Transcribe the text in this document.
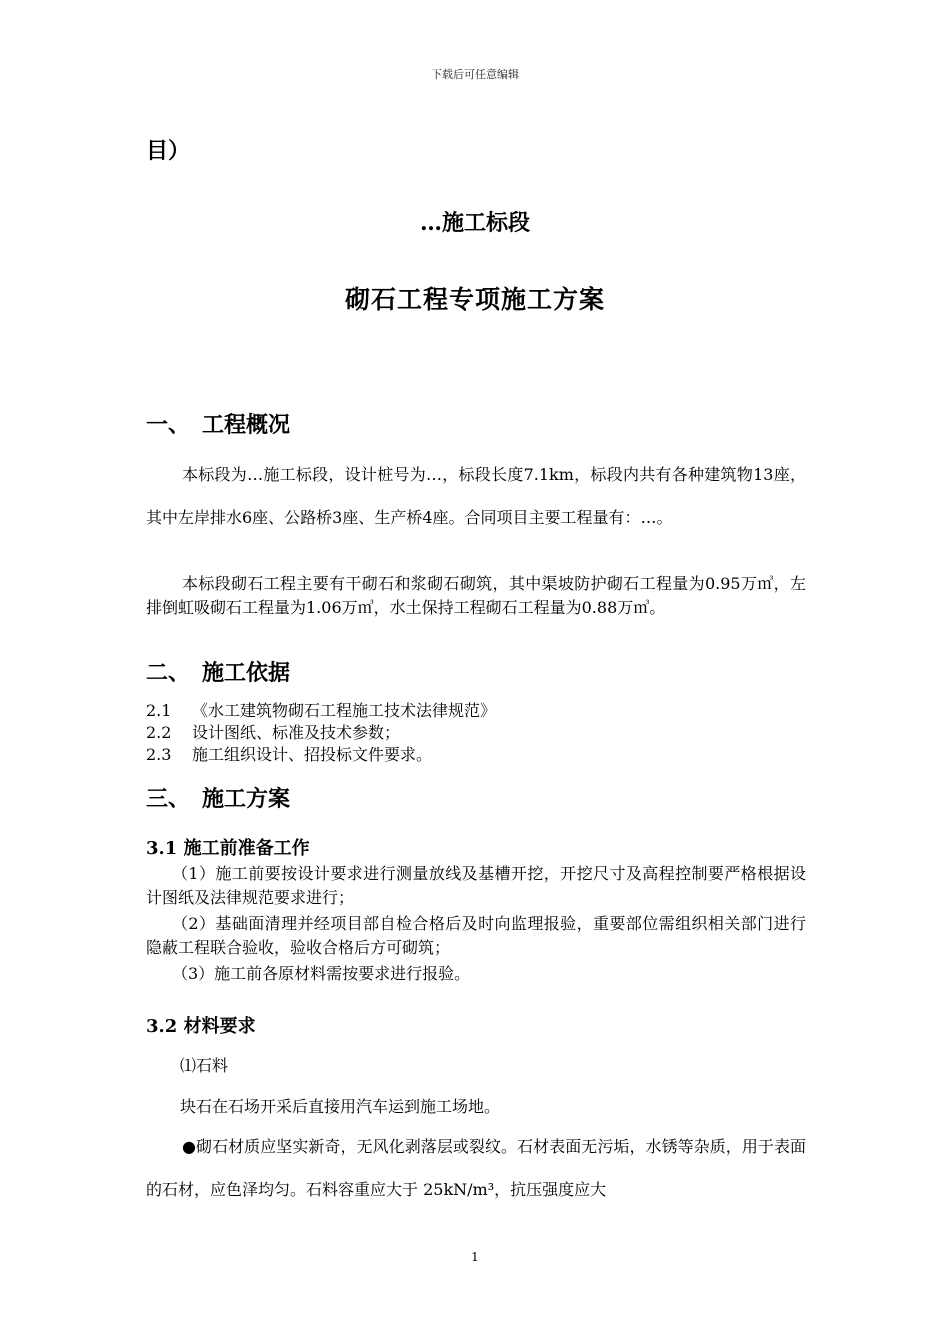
下载后可任意编辑
目）
…施工标段
砌石工程专项施工方案
一、 工程概况
本标段为…施工标段，设计桩号为…，标段长度7.1km，标段内共有各种建筑物13座，其中左岸排水6座、公路桥3座、生产桥4座。合同项目主要工程量有：…。
本标段砌石工程主要有干砌石和浆砌石砌筑，其中渠坡防护砌石工程量为0.95万㎥，左排倒虹吸砌石工程量为1.06万㎥，水土保持工程砌石工程量为0.88万㎥。
二、 施工依据
2.1 《水工建筑物砌石工程施工技术法律规范》
2.2 设计图纸、标准及技术参数；
2.3 施工组织设计、招投标文件要求。
三、 施工方案
3.1 施工前准备工作
（1）施工前要按设计要求进行测量放线及基槽开挖，开挖尺寸及高程控制要严格根据设计图纸及法律规范要求进行；
（2）基础面清理并经项目部自检合格后及时向监理报验，重要部位需组织相关部门进行隐蔽工程联合验收，验收合格后方可砌筑；
（3）施工前各原材料需按要求进行报验。
3.2 材料要求
⑴石料
块石在石场开采后直接用汽车运到施工场地。
●砌石材质应坚实新奇，无风化剥落层或裂纹。石材表面无污垢，水锈等杂质，用于表面的石材，应色泽均匀。石料容重应大于 25kN/m³，抗压强度应大
1
